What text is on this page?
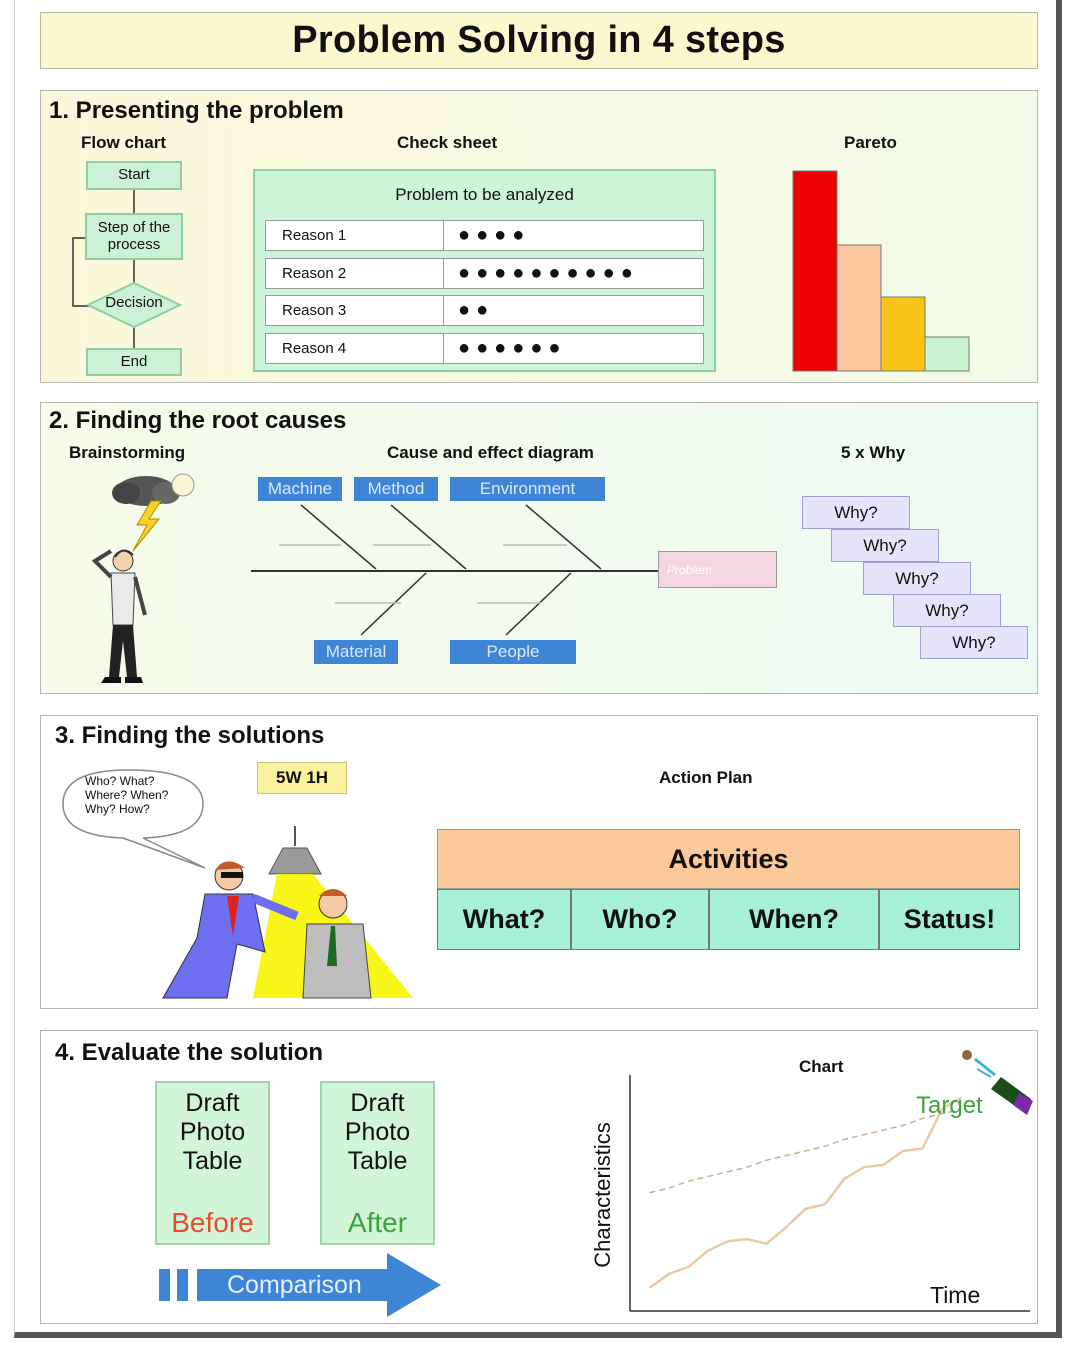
Problem Solving in 4 steps
1. Presenting the problem
Flow chart
Start
Step of the process
Decision
End
Check sheet
Problem to be analyzed
Reason 1	●●●●
Reason 2	●●●●●●●●●●
Reason 3	●●
Reason 4	●●●●●●
Pareto
2. Finding the root causes
Brainstorming	Cause and effect diagram
Machine	Method	Environment
Material	People
Problem
5 x Why
Why?
Why?
Why?
Why?
Why?
3. Finding the solutions
Who? What?
Where? When?
Why? How?
5W 1H	Action Plan
Activities
What?	Who?	When?	Status!
4. Evaluate the solution
Draft
Photo
Table
Before
Draft
Photo
Table
After
Comparison
Chart
Characteristics
Time
Target
